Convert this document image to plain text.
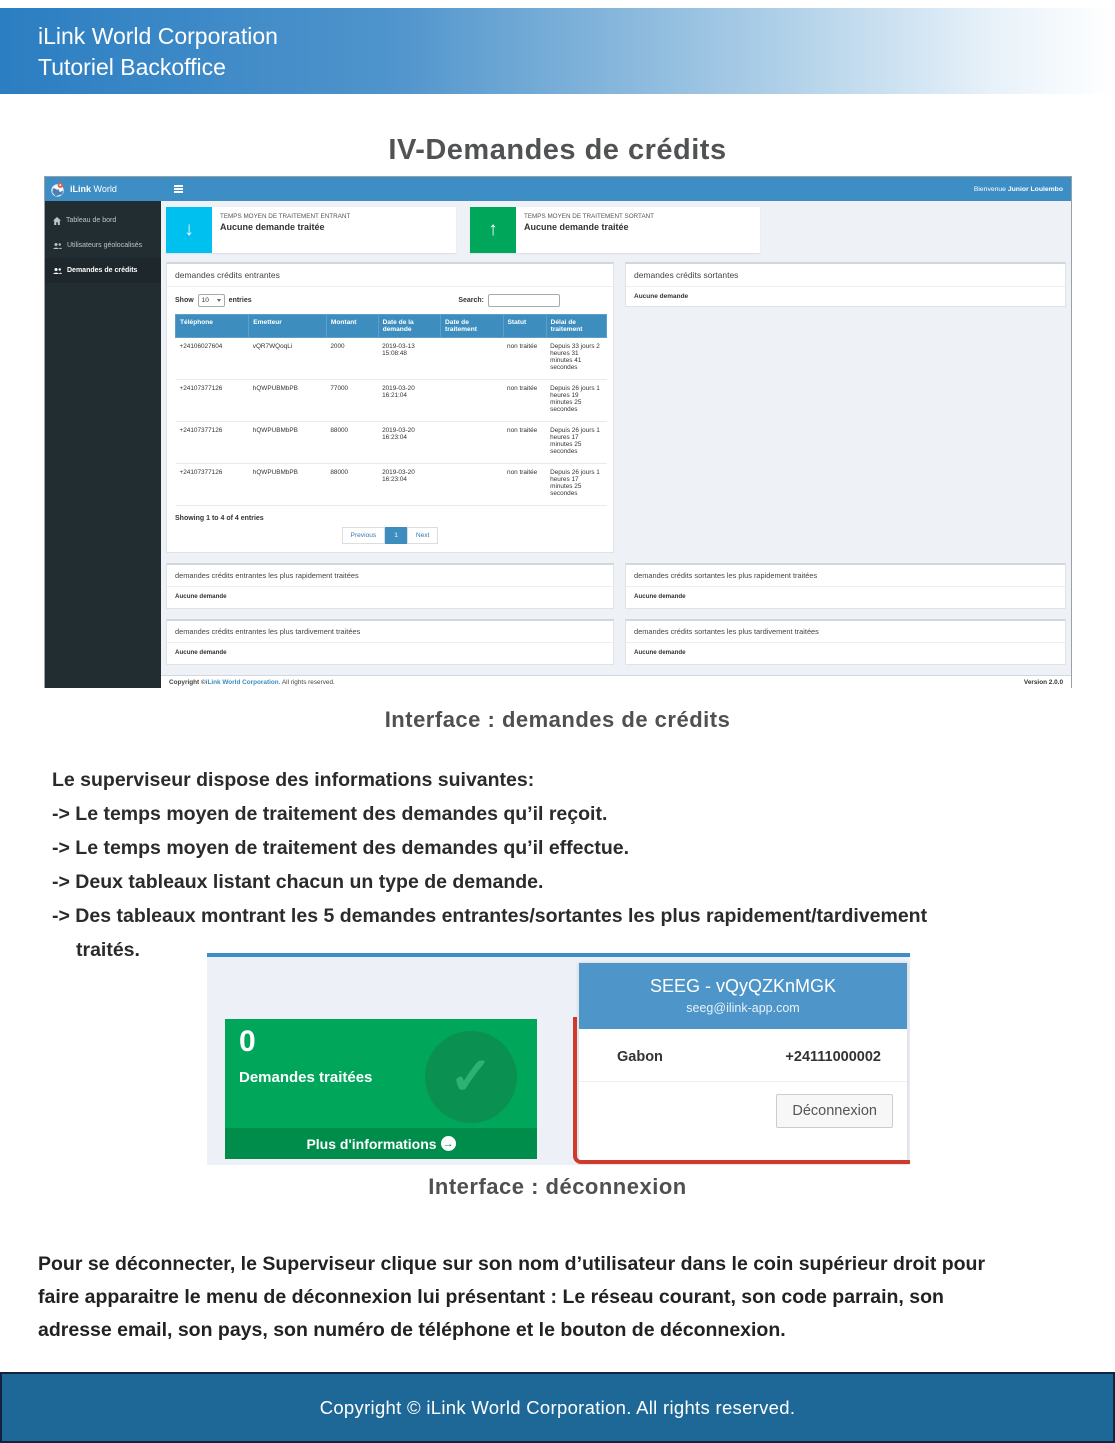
iLink World Corporation
Tutoriel Backoffice
IV-Demandes de crédits
iLink World	Bienvenue Junior Loulembo
Tableau de bord
Utilisateurs géolocalisés
Demandes de crédits
↓
TEMPS MOYEN DE TRAITEMENT ENTRANT
Aucune demande traitée	↑
TEMPS MOYEN DE TRAITEMENT SORTANT
Aucune demande traitée
demandes crédits entrantes
Show 10	entries	Search:
Téléphone	Emetteur	Montant	Date de la demande	Date de traitement	Statut	Délai de traitement
+24106027604	vQR7WQoqLi	2000	2019-03-13 15:08:48		non traitée	Depuis 33 jours 2 heures 31 minutes 41 secondes
+24107377126	hQWPUBMbPB	77000	2019-03-20 16:21:04		non traitée	Depuis 26 jours 1 heures 19 minutes 25 secondes
+24107377126	hQWPUBMbPB	88000	2019-03-20 16:23:04		non traitée	Depuis 26 jours 1 heures 17 minutes 25 secondes
+24107377126	hQWPUBMbPB	88000	2019-03-20 16:23:04		non traitée	Depuis 26 jours 1 heures 17 minutes 25 secondes
Showing 1 to 4 of 4 entries
Previous	1	Next
demandes crédits sortantes
Aucune demande
demandes crédits entrantes les plus rapidement traitées
Aucune demande
demandes crédits sortantes les plus rapidement traitées
Aucune demande
demandes crédits entrantes les plus tardivement traitées
Aucune demande
demandes crédits sortantes les plus tardivement traitées
Aucune demande
Copyright © iLink World Corporation . All rights reserved.	Version 2.0.0
Interface : demandes de crédits
Le superviseur dispose des informations suivantes:
-> Le temps moyen de traitement des demandes qu’il reçoit.
-> Le temps moyen de traitement des demandes qu’il effectue.
-> Deux tableaux listant chacun un type de demande.
-> Des tableaux montrant les 5 demandes entrantes/sortantes les plus rapidement/tardivement traités.
0
Demandes traitées	✓
Plus d'informations →
SEEG - vQyQZKnMGK
seeg@ilink-app.com
Gabon	+24111000002
Déconnexion
Interface : déconnexion
Pour se déconnecter, le Superviseur clique sur son nom d’utilisateur dans le coin supérieur droit pour faire apparaitre le menu de déconnexion lui présentant : Le réseau courant, son code parrain, son adresse email, son pays, son numéro de téléphone et le bouton de déconnexion.
Copyright © iLink World Corporation. All rights reserved.
